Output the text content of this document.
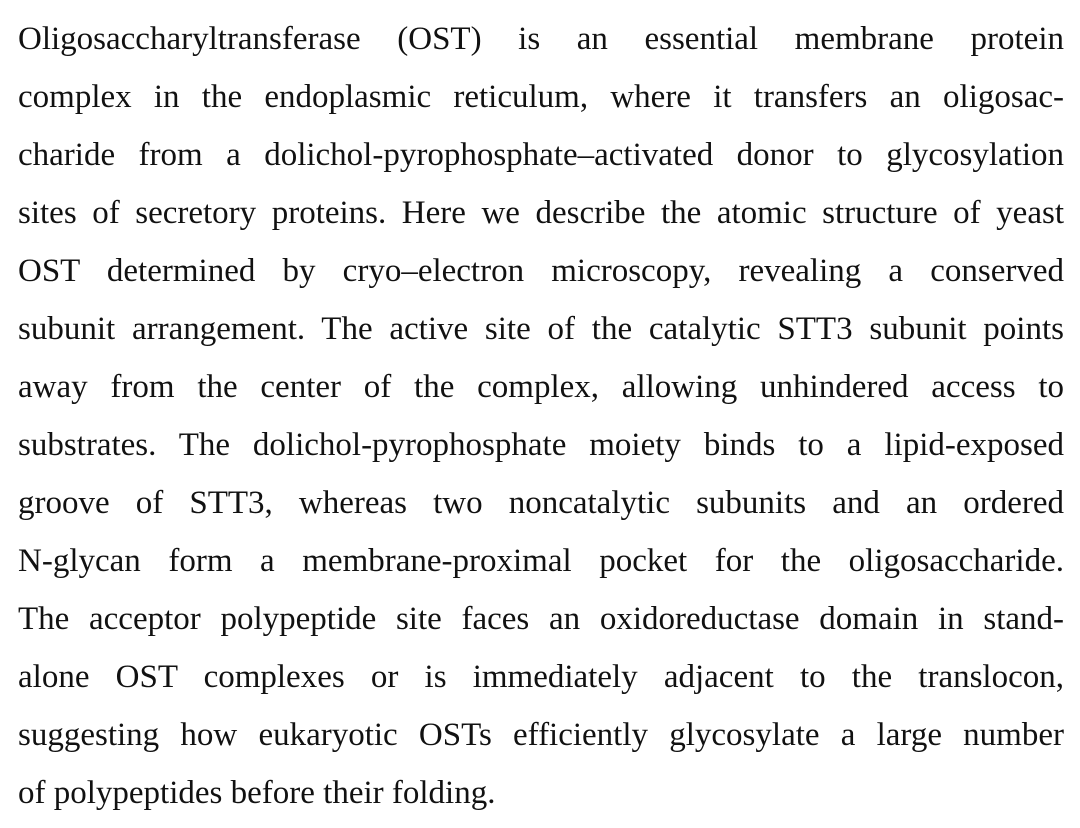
Oligosaccharyltransferase (OST) is an essential membrane protein
complex in the endoplasmic reticulum, where it transfers an oligosac-
charide from a dolichol-pyrophosphate–activated donor to glycosylation
sites of secretory proteins. Here we describe the atomic structure of yeast
OST determined by cryo–electron microscopy, revealing a conserved
subunit arrangement. The active site of the catalytic STT3 subunit points
away from the center of the complex, allowing unhindered access to
substrates. The dolichol-pyrophosphate moiety binds to a lipid-exposed
groove of STT3, whereas two noncatalytic subunits and an ordered
N-glycan form a membrane-proximal pocket for the oligosaccharide.
The acceptor polypeptide site faces an oxidoreductase domain in stand-
alone OST complexes or is immediately adjacent to the translocon,
suggesting how eukaryotic OSTs efficiently glycosylate a large number
of polypeptides before their folding.
